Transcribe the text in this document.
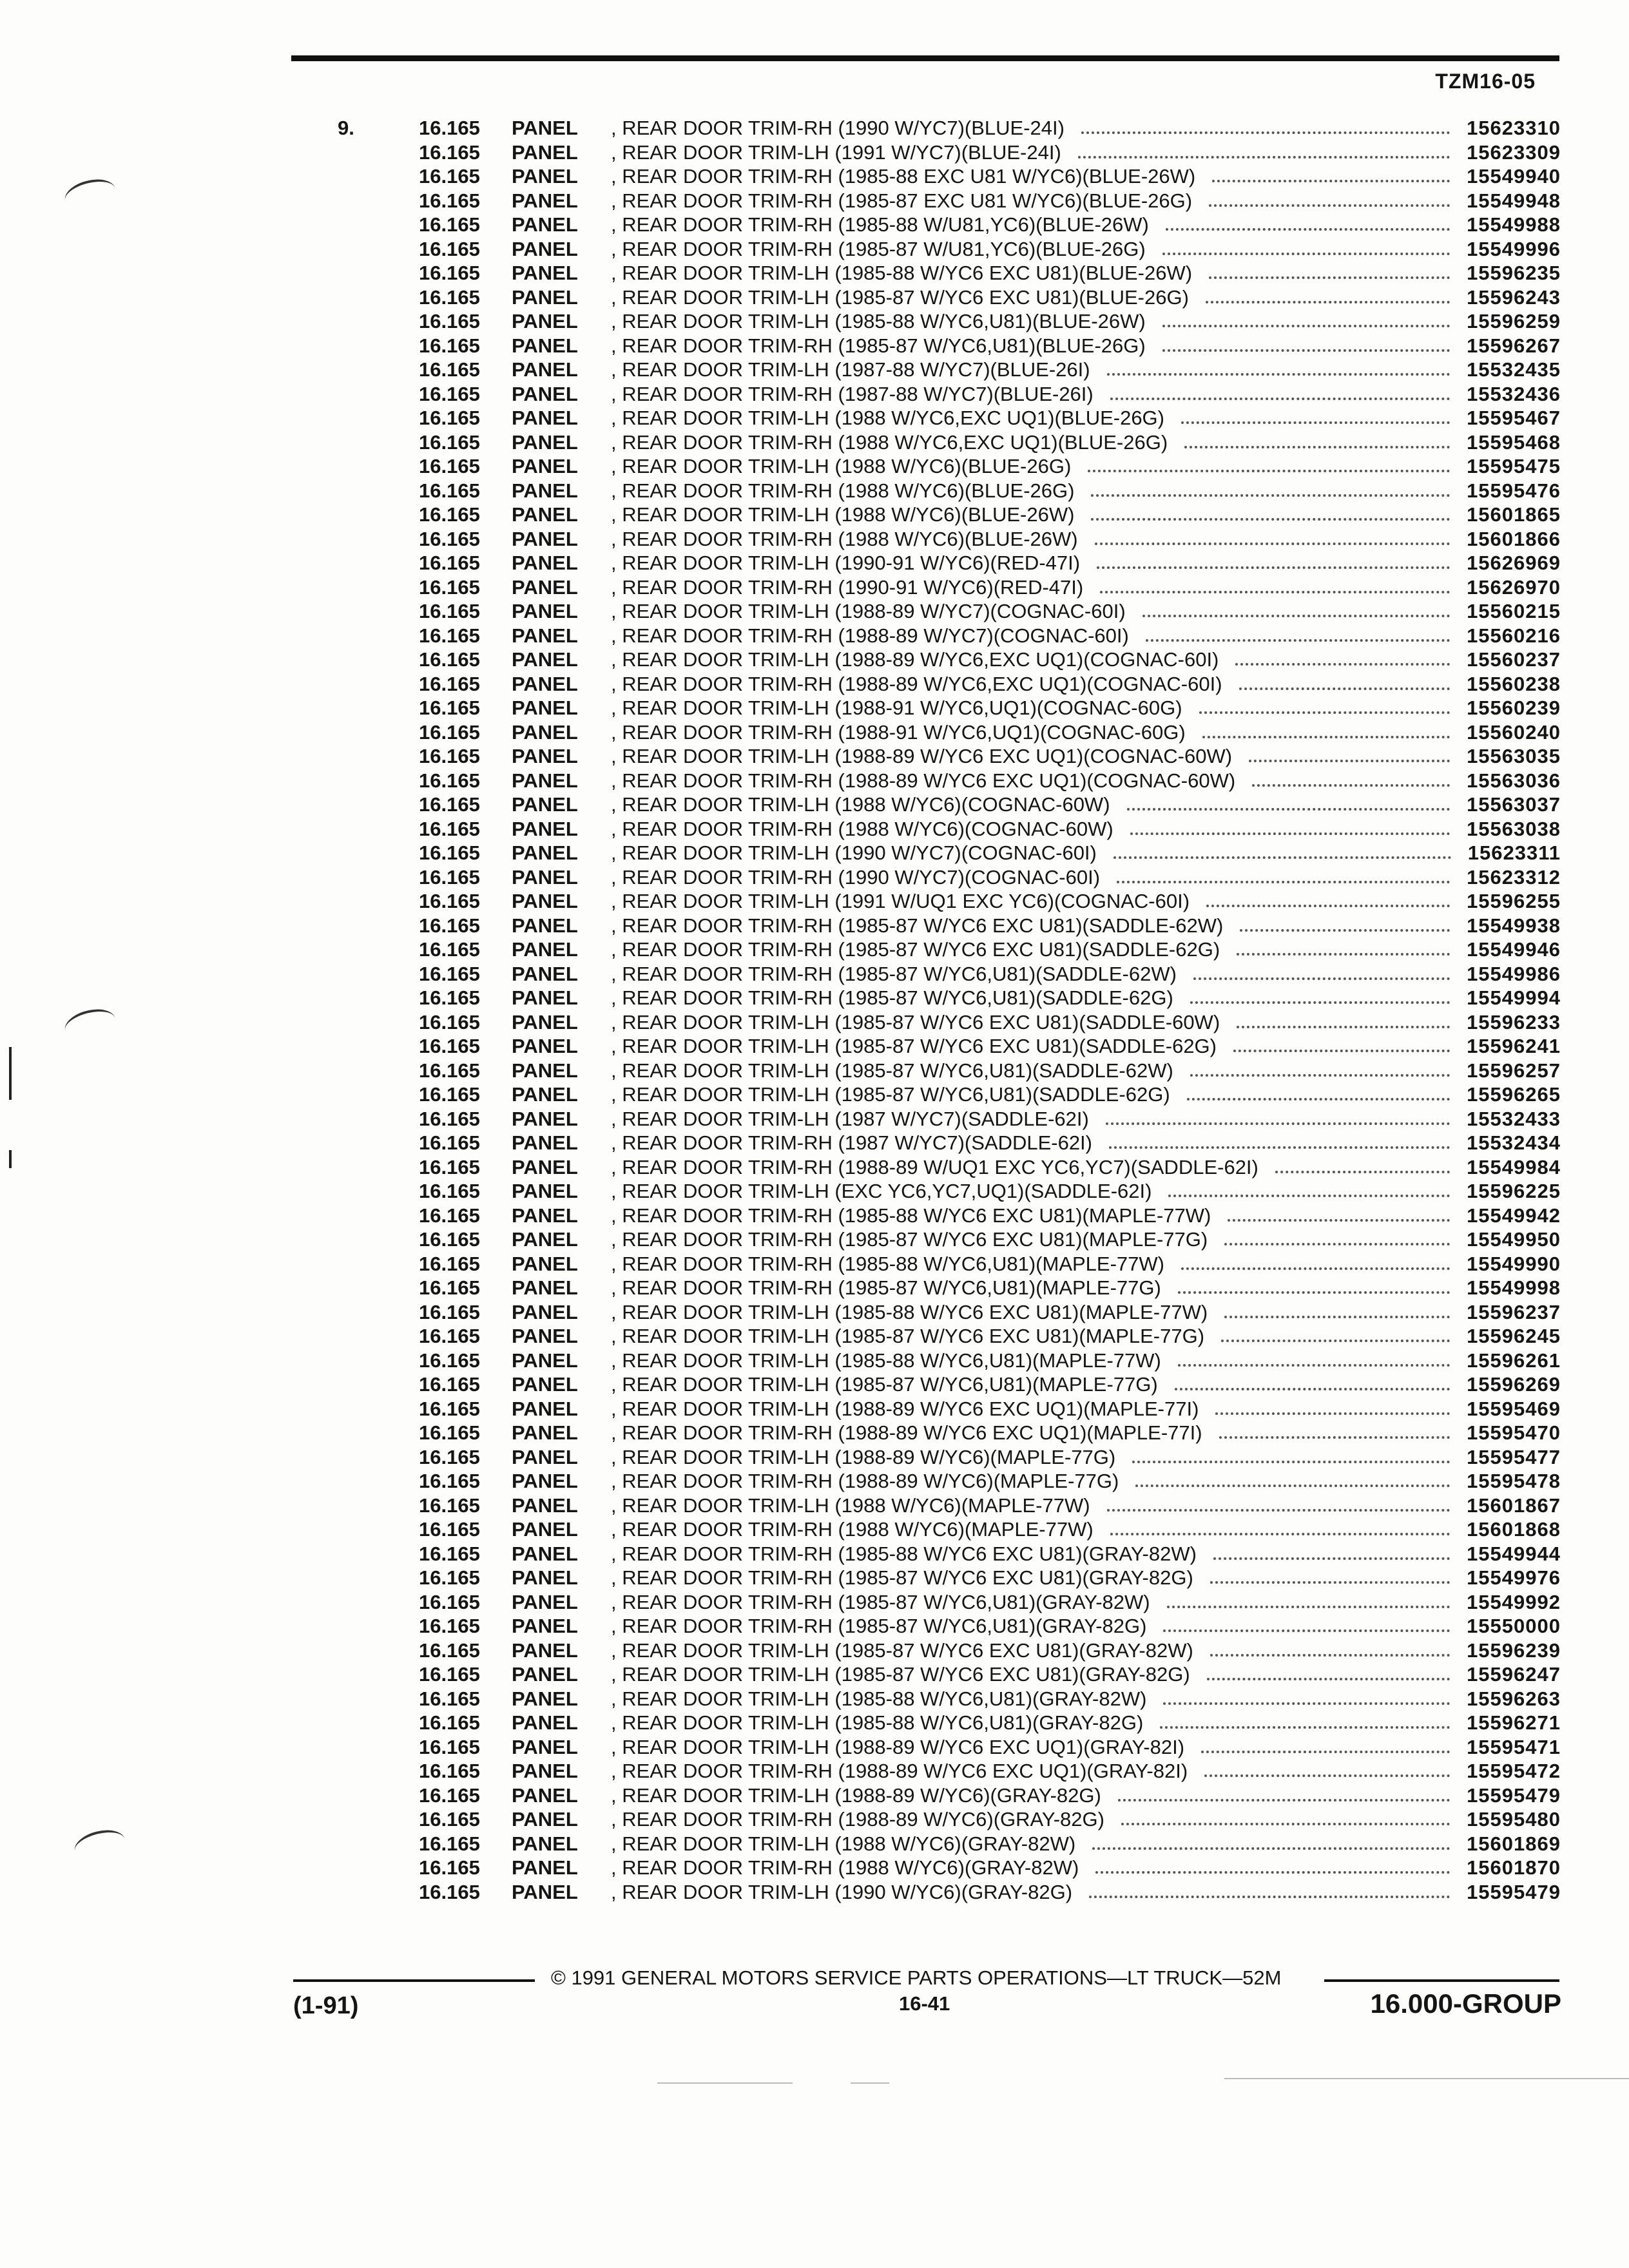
TZM16-05
9.	16.165 PANEL , REAR DOOR TRIM-RH (1990 W/YC7)(BLUE-24I)	15623310
16.165 PANEL , REAR DOOR TRIM-LH (1991 W/YC7)(BLUE-24I)	15623309
16.165 PANEL , REAR DOOR TRIM-RH (1985-88 EXC U81 W/YC6)(BLUE-26W)	15549940
16.165 PANEL , REAR DOOR TRIM-RH (1985-87 EXC U81 W/YC6)(BLUE-26G)	15549948
16.165 PANEL , REAR DOOR TRIM-RH (1985-88 W/U81,YC6)(BLUE-26W)	15549988
16.165 PANEL , REAR DOOR TRIM-RH (1985-87 W/U81,YC6)(BLUE-26G)	15549996
16.165 PANEL , REAR DOOR TRIM-LH (1985-88 W/YC6 EXC U81)(BLUE-26W)	15596235
16.165 PANEL , REAR DOOR TRIM-LH (1985-87 W/YC6 EXC U81)(BLUE-26G)	15596243
16.165 PANEL , REAR DOOR TRIM-LH (1985-88 W/YC6,U81)(BLUE-26W)	15596259
16.165 PANEL , REAR DOOR TRIM-RH (1985-87 W/YC6,U81)(BLUE-26G)	15596267
16.165 PANEL , REAR DOOR TRIM-LH (1987-88 W/YC7)(BLUE-26I)	15532435
16.165 PANEL , REAR DOOR TRIM-RH (1987-88 W/YC7)(BLUE-26I)	15532436
16.165 PANEL , REAR DOOR TRIM-LH (1988 W/YC6,EXC UQ1)(BLUE-26G)	15595467
16.165 PANEL , REAR DOOR TRIM-RH (1988 W/YC6,EXC UQ1)(BLUE-26G)	15595468
16.165 PANEL , REAR DOOR TRIM-LH (1988 W/YC6)(BLUE-26G)	15595475
16.165 PANEL , REAR DOOR TRIM-RH (1988 W/YC6)(BLUE-26G)	15595476
16.165 PANEL , REAR DOOR TRIM-LH (1988 W/YC6)(BLUE-26W)	15601865
16.165 PANEL , REAR DOOR TRIM-RH (1988 W/YC6)(BLUE-26W)	15601866
16.165 PANEL , REAR DOOR TRIM-LH (1990-91 W/YC6)(RED-47I)	15626969
16.165 PANEL , REAR DOOR TRIM-RH (1990-91 W/YC6)(RED-47I)	15626970
16.165 PANEL , REAR DOOR TRIM-LH (1988-89 W/YC7)(COGNAC-60I)	15560215
16.165 PANEL , REAR DOOR TRIM-RH (1988-89 W/YC7)(COGNAC-60I)	15560216
16.165 PANEL , REAR DOOR TRIM-LH (1988-89 W/YC6,EXC UQ1)(COGNAC-60I)	15560237
16.165 PANEL , REAR DOOR TRIM-RH (1988-89 W/YC6,EXC UQ1)(COGNAC-60I)	15560238
16.165 PANEL , REAR DOOR TRIM-LH (1988-91 W/YC6,UQ1)(COGNAC-60G)	15560239
16.165 PANEL , REAR DOOR TRIM-RH (1988-91 W/YC6,UQ1)(COGNAC-60G)	15560240
16.165 PANEL , REAR DOOR TRIM-LH (1988-89 W/YC6 EXC UQ1)(COGNAC-60W)	15563035
16.165 PANEL , REAR DOOR TRIM-RH (1988-89 W/YC6 EXC UQ1)(COGNAC-60W)	15563036
16.165 PANEL , REAR DOOR TRIM-LH (1988 W/YC6)(COGNAC-60W)	15563037
16.165 PANEL , REAR DOOR TRIM-RH (1988 W/YC6)(COGNAC-60W)	15563038
16.165 PANEL , REAR DOOR TRIM-LH (1990 W/YC7)(COGNAC-60I)	15623311
16.165 PANEL , REAR DOOR TRIM-RH (1990 W/YC7)(COGNAC-60I)	15623312
16.165 PANEL , REAR DOOR TRIM-LH (1991 W/UQ1 EXC YC6)(COGNAC-60I)	15596255
16.165 PANEL , REAR DOOR TRIM-RH (1985-87 W/YC6 EXC U81)(SADDLE-62W)	15549938
16.165 PANEL , REAR DOOR TRIM-RH (1985-87 W/YC6 EXC U81)(SADDLE-62G)	15549946
16.165 PANEL , REAR DOOR TRIM-RH (1985-87 W/YC6,U81)(SADDLE-62W)	15549986
16.165 PANEL , REAR DOOR TRIM-RH (1985-87 W/YC6,U81)(SADDLE-62G)	15549994
16.165 PANEL , REAR DOOR TRIM-LH (1985-87 W/YC6 EXC U81)(SADDLE-60W)	15596233
16.165 PANEL , REAR DOOR TRIM-LH (1985-87 W/YC6 EXC U81)(SADDLE-62G)	15596241
16.165 PANEL , REAR DOOR TRIM-LH (1985-87 W/YC6,U81)(SADDLE-62W)	15596257
16.165 PANEL , REAR DOOR TRIM-LH (1985-87 W/YC6,U81)(SADDLE-62G)	15596265
16.165 PANEL , REAR DOOR TRIM-LH (1987 W/YC7)(SADDLE-62I)	15532433
16.165 PANEL , REAR DOOR TRIM-RH (1987 W/YC7)(SADDLE-62I)	15532434
16.165 PANEL , REAR DOOR TRIM-RH (1988-89 W/UQ1 EXC YC6,YC7)(SADDLE-62I)	15549984
16.165 PANEL , REAR DOOR TRIM-LH (EXC YC6,YC7,UQ1)(SADDLE-62I)	15596225
16.165 PANEL , REAR DOOR TRIM-RH (1985-88 W/YC6 EXC U81)(MAPLE-77W)	15549942
16.165 PANEL , REAR DOOR TRIM-RH (1985-87 W/YC6 EXC U81)(MAPLE-77G)	15549950
16.165 PANEL , REAR DOOR TRIM-RH (1985-88 W/YC6,U81)(MAPLE-77W)	15549990
16.165 PANEL , REAR DOOR TRIM-RH (1985-87 W/YC6,U81)(MAPLE-77G)	15549998
16.165 PANEL , REAR DOOR TRIM-LH (1985-88 W/YC6 EXC U81)(MAPLE-77W)	15596237
16.165 PANEL , REAR DOOR TRIM-LH (1985-87 W/YC6 EXC U81)(MAPLE-77G)	15596245
16.165 PANEL , REAR DOOR TRIM-LH (1985-88 W/YC6,U81)(MAPLE-77W)	15596261
16.165 PANEL , REAR DOOR TRIM-LH (1985-87 W/YC6,U81)(MAPLE-77G)	15596269
16.165 PANEL , REAR DOOR TRIM-LH (1988-89 W/YC6 EXC UQ1)(MAPLE-77I)	15595469
16.165 PANEL , REAR DOOR TRIM-RH (1988-89 W/YC6 EXC UQ1)(MAPLE-77I)	15595470
16.165 PANEL , REAR DOOR TRIM-LH (1988-89 W/YC6)(MAPLE-77G)	15595477
16.165 PANEL , REAR DOOR TRIM-RH (1988-89 W/YC6)(MAPLE-77G)	15595478
16.165 PANEL , REAR DOOR TRIM-LH (1988 W/YC6)(MAPLE-77W)	15601867
16.165 PANEL , REAR DOOR TRIM-RH (1988 W/YC6)(MAPLE-77W)	15601868
16.165 PANEL , REAR DOOR TRIM-RH (1985-88 W/YC6 EXC U81)(GRAY-82W)	15549944
16.165 PANEL , REAR DOOR TRIM-RH (1985-87 W/YC6 EXC U81)(GRAY-82G)	15549976
16.165 PANEL , REAR DOOR TRIM-RH (1985-87 W/YC6,U81)(GRAY-82W)	15549992
16.165 PANEL , REAR DOOR TRIM-RH (1985-87 W/YC6,U81)(GRAY-82G)	15550000
16.165 PANEL , REAR DOOR TRIM-LH (1985-87 W/YC6 EXC U81)(GRAY-82W)	15596239
16.165 PANEL , REAR DOOR TRIM-LH (1985-87 W/YC6 EXC U81)(GRAY-82G)	15596247
16.165 PANEL , REAR DOOR TRIM-LH (1985-88 W/YC6,U81)(GRAY-82W)	15596263
16.165 PANEL , REAR DOOR TRIM-LH (1985-88 W/YC6,U81)(GRAY-82G)	15596271
16.165 PANEL , REAR DOOR TRIM-LH (1988-89 W/YC6 EXC UQ1)(GRAY-82I)	15595471
16.165 PANEL , REAR DOOR TRIM-RH (1988-89 W/YC6 EXC UQ1)(GRAY-82I)	15595472
16.165 PANEL , REAR DOOR TRIM-LH (1988-89 W/YC6)(GRAY-82G)	15595479
16.165 PANEL , REAR DOOR TRIM-RH (1988-89 W/YC6)(GRAY-82G)	15595480
16.165 PANEL , REAR DOOR TRIM-LH (1988 W/YC6)(GRAY-82W)	15601869
16.165 PANEL , REAR DOOR TRIM-RH (1988 W/YC6)(GRAY-82W)	15601870
16.165 PANEL , REAR DOOR TRIM-LH (1990 W/YC6)(GRAY-82G)	15595479
© 1991 GENERAL MOTORS SERVICE PARTS OPERATIONS—LT TRUCK—52M
16-41
(1-91)	16.000-GROUP
